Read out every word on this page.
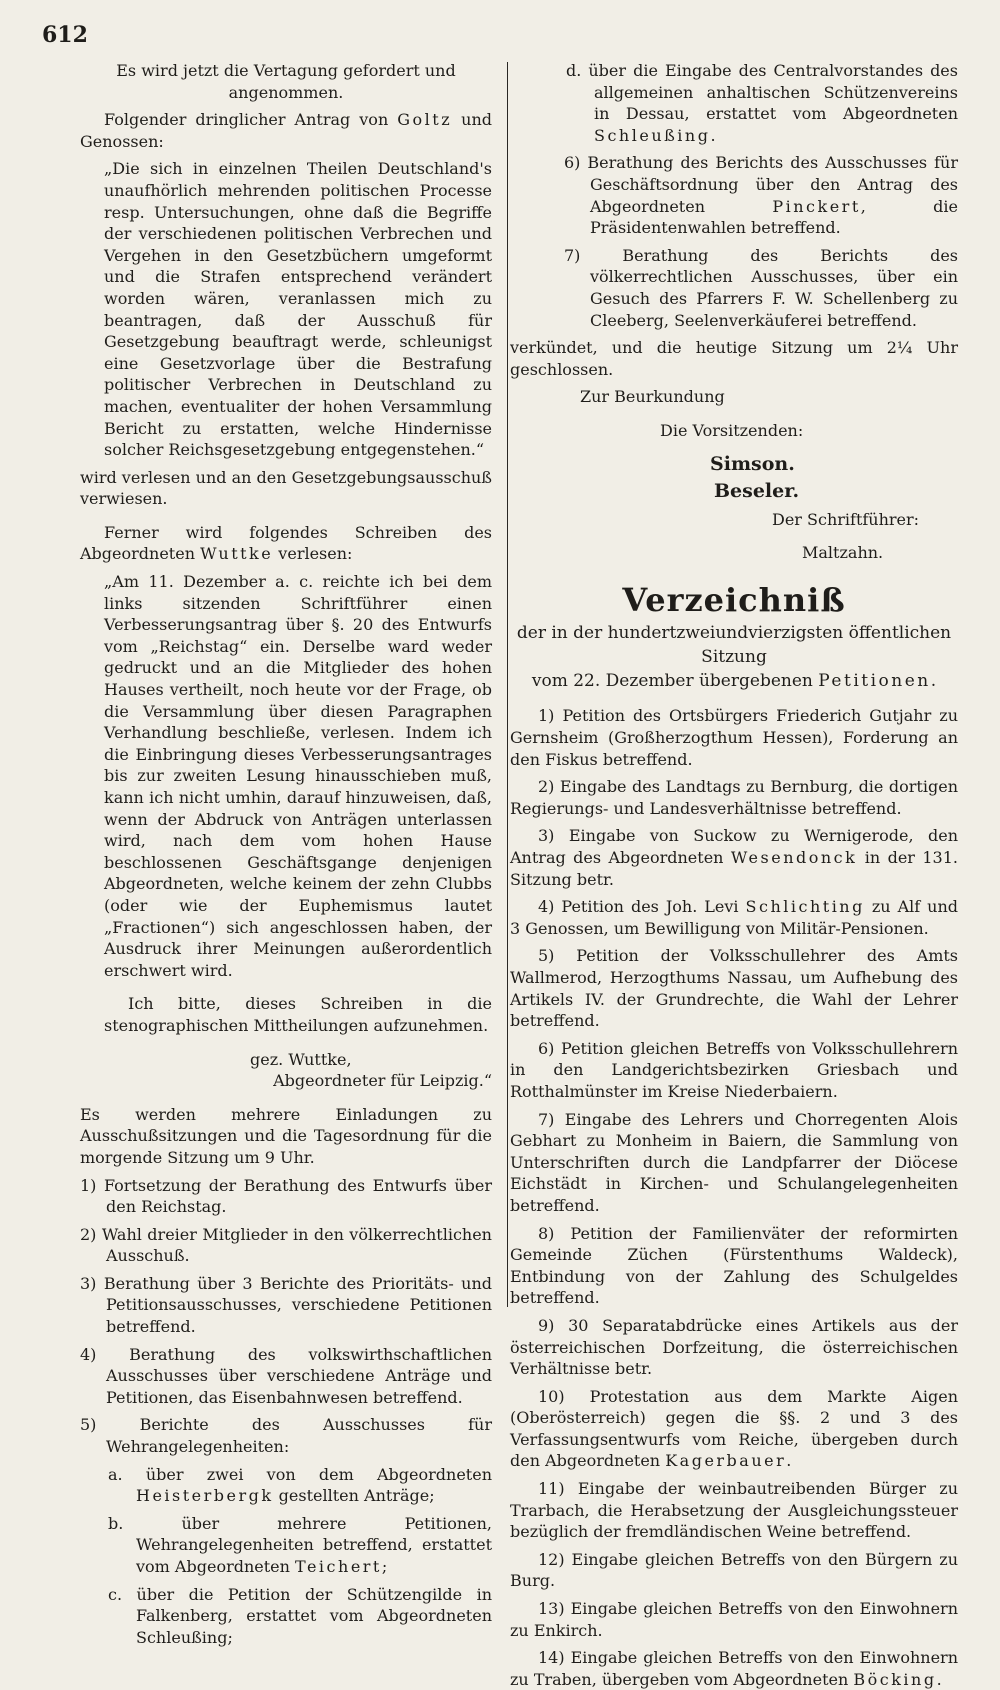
612

Es wird jetzt die Vertagung gefordert und angenommen.

Folgender dringlicher Antrag von Goltz und Genossen:

„Die sich in einzelnen Theilen Deutschland's unaufhörlich mehrenden politischen Processe resp. Untersuchungen, ohne daß die Begriffe der verschiedenen politischen Verbrechen und Vergehen in den Gesetzbüchern umgeformt und die Strafen entsprechend verändert worden wären, veranlassen mich zu beantragen, daß der Ausschuß für Gesetzgebung beauftragt werde, schleunigst eine Gesetzvorlage über die Bestrafung politischer Verbrechen in Deutschland zu machen, eventualiter der hohen Versammlung Bericht zu erstatten, welche Hindernisse solcher Reichsgesetzgebung entgegenstehen.“

wird verlesen und an den Gesetzgebungsausschuß verwiesen.

Ferner wird folgendes Schreiben des Abgeordneten Wuttke verlesen:

„Am 11. Dezember a. c. reichte ich bei dem links sitzenden Schriftführer einen Verbesserungsantrag über §. 20 des Entwurfs vom „Reichstag“ ein. Derselbe ward weder gedruckt und an die Mitglieder des hohen Hauses vertheilt, noch heute vor der Frage, ob die Versammlung über diesen Paragraphen Verhandlung beschließe, verlesen. Indem ich die Einbringung dieses Verbesserungsantrages bis zur zweiten Lesung hinausschieben muß, kann ich nicht umhin, darauf hinzuweisen, daß, wenn der Abdruck von Anträgen unterlassen wird, nach dem vom hohen Hause beschlossenen Geschäftsgange denjenigen Abgeordneten, welche keinem der zehn Clubbs (oder wie der Euphemismus lautet „Fractionen“) sich angeschlossen haben, der Ausdruck ihrer Meinungen außerordentlich erschwert wird.

Ich bitte, dieses Schreiben in die stenographischen Mittheilungen aufzunehmen.

gez. Wuttke,

Abgeordneter für Leipzig.“

Es werden mehrere Einladungen zu Ausschußsitzungen und die Tagesordnung für die morgende Sitzung um 9 Uhr.

1) Fortsetzung der Berathung des Entwurfs über den Reichstag.

2) Wahl dreier Mitglieder in den völkerrechtlichen Ausschuß.

3) Berathung über 3 Berichte des Prioritäts- und Petitionsausschusses, verschiedene Petitionen betreffend.

4) Berathung des volkswirthschaftlichen Ausschusses über verschiedene Anträge und Petitionen, das Eisenbahnwesen betreffend.

5)	Berichte des Ausschusses für Wehrangelegenheiten:

a. über zwei von dem Abgeordneten Heisterbergk gestellten Anträge;

b.	über mehrere Petitionen, Wehrangelegenheiten betreffend, erstattet vom Abgeordneten Teichert;

c. über die Petition der Schützengilde in Falkenberg, erstattet vom Abgeordneten Schleußing;

d. über die Eingabe des Centralvorstandes des allgemeinen anhaltischen Schützenvereins in Dessau, erstattet vom Abgeordneten Schleußing.

6) Berathung des Berichts des Ausschusses für Geschäftsordnung über den Antrag des Abgeordneten Pinckert, die Präsidentenwahlen betreffend.

7)	Berathung des Berichts des völkerrechtlichen Ausschusses, über ein Gesuch des Pfarrers F. W. Schellenberg zu Cleeberg, Seelenverkäuferei betreffend.

verkündet, und die heutige Sitzung um 2¼ Uhr geschlossen.

Zur Beurkundung

Die Vorsitzenden:

Simson.

Beseler.

Der Schriftführer:

Maltzahn.

Verzeichniß

der in der hundertzweiundvierzigsten öffentlichen Sitzung

vom 22. Dezember übergebenen Petitionen.

1) Petition des Ortsbürgers Friederich Gutjahr zu Gernsheim (Großherzogthum Hessen), Forderung an den Fiskus betreffend.

2) Eingabe des Landtags zu Bernburg, die dortigen Regierungs- und Landesverhältnisse betreffend.

3) Eingabe von Suckow zu Wernigerode, den Antrag des Abgeordneten Wesendonck in der 131. Sitzung betr.

4) Petition des Joh. Levi Schlichting zu Alf und 3 Genossen, um Bewilligung von Militär-Pensionen.

5) Petition der Volksschullehrer des Amts Wallmerod, Herzogthums Nassau, um Aufhebung des Artikels IV. der Grundrechte, die Wahl der Lehrer betreffend.

6) Petition gleichen Betreffs von Volksschullehrern in den Landgerichtsbezirken Griesbach und Rotthalmünster im Kreise Niederbaiern.

7) Eingabe des Lehrers und Chorregenten Alois Gebhart zu Monheim in Baiern, die Sammlung von Unterschriften durch die Landpfarrer der Diöcese Eichstädt in Kirchen- und Schulangelegenheiten betreffend.

8) Petition der Familienväter der reformirten Gemeinde Züchen (Fürstenthums Waldeck), Entbindung von der Zahlung des Schulgeldes betreffend.

9) 30 Separatabdrücke eines Artikels aus der österreichischen Dorfzeitung, die österreichischen Verhältnisse betr.

10) Protestation aus dem Markte Aigen (Oberösterreich) gegen die §§. 2 und 3 des Verfassungsentwurfs vom Reiche, übergeben durch den Abgeordneten Kagerbauer.

11) Eingabe der weinbautreibenden Bürger zu Trarbach, die Herabsetzung der Ausgleichungssteuer bezüglich der fremdländischen Weine betreffend.

12) Eingabe gleichen Betreffs von den Bürgern zu Burg.

13) Eingabe gleichen Betreffs von den Einwohnern zu Enkirch.

14) Eingabe gleichen Betreffs von den Einwohnern zu Traben, übergeben vom Abgeordneten Böcking.
